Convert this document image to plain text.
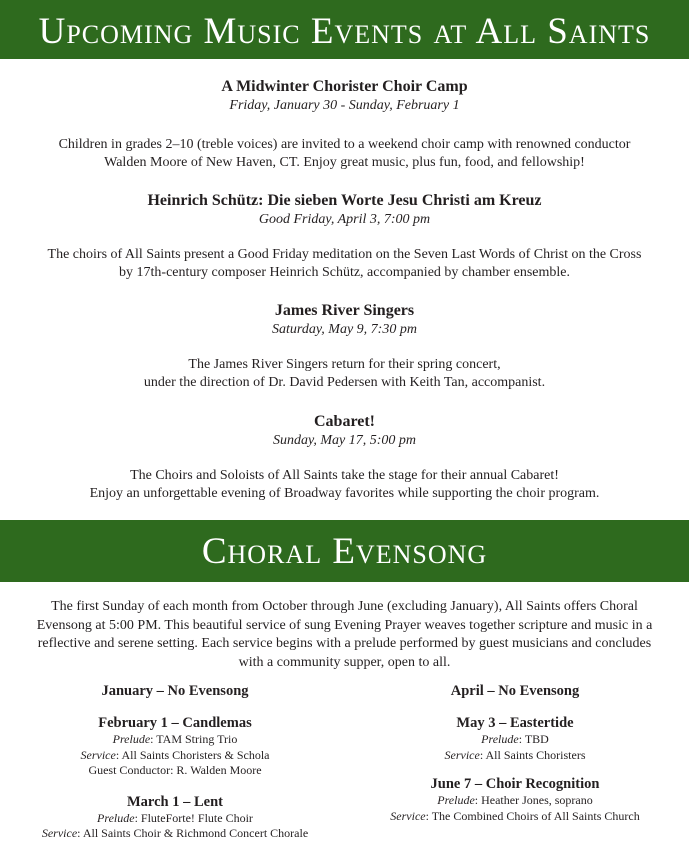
Upcoming Music Events at All Saints
A Midwinter Chorister Choir Camp
Friday, January 30 - Sunday, February 1
Children in grades 2–10 (treble voices) are invited to a weekend choir camp with renowned conductor
Walden Moore of New Haven, CT. Enjoy great music, plus fun, food, and fellowship!
Heinrich Schütz: Die sieben Worte Jesu Christi am Kreuz
Good Friday, April 3, 7:00 pm
The choirs of All Saints present a Good Friday meditation on the Seven Last Words of Christ on the Cross
by 17th-century composer Heinrich Schütz, accompanied by chamber ensemble.
James River Singers
Saturday, May 9, 7:30 pm
The James River Singers return for their spring concert,
under the direction of Dr. David Pedersen with Keith Tan, accompanist.
Cabaret!
Sunday, May 17, 5:00 pm
The Choirs and Soloists of All Saints take the stage for their annual Cabaret!
Enjoy an unforgettable evening of Broadway favorites while supporting the choir program.
Choral Evensong
The first Sunday of each month from October through June (excluding January), All Saints offers Choral Evensong at 5:00 PM. This beautiful service of sung Evening Prayer weaves together scripture and music in a reflective and serene setting. Each service begins with a prelude performed by guest musicians and concludes with a community supper, open to all.
January – No Evensong
February 1 – Candlemas
Prelude: TAM String Trio
Service: All Saints Choristers & Schola
Guest Conductor: R. Walden Moore
March 1 – Lent
Prelude: FluteForte! Flute Choir
Service: All Saints Choir & Richmond Concert Chorale
April – No Evensong
May 3 – Eastertide
Prelude: TBD
Service: All Saints Choristers
June 7 – Choir Recognition
Prelude: Heather Jones, soprano
Service: The Combined Choirs of All Saints Church
